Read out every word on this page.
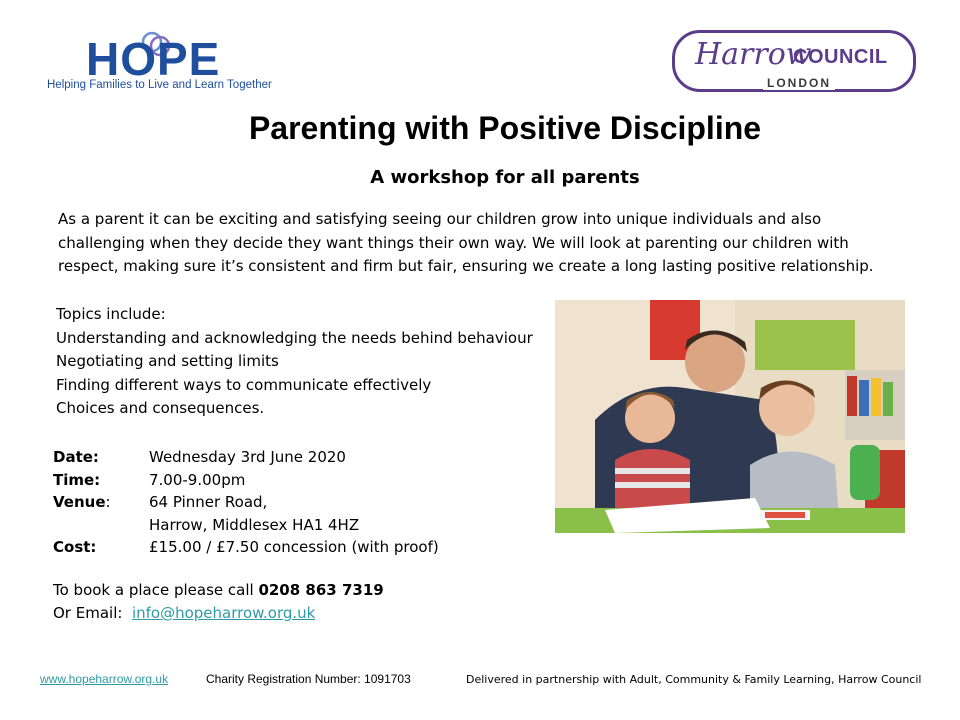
HOPE
Helping Families to Live and Learn Together
Harrow
COUNCIL
LONDON
Parenting with Positive Discipline
A workshop for all parents
As a parent it can be exciting and satisfying seeing our children grow into unique individuals and also challenging when they decide they want things their own way. We will look at parenting our children with respect, making sure it’s consistent and firm but fair, ensuring we create a long lasting positive relationship.
Topics include:
Understanding and acknowledging the needs behind behaviour
Negotiating and setting limits
Finding different ways to communicate effectively
Choices and consequences.
Date:	Wednesday 3rd June 2020
Time:	7.00-9.00pm
Venue:	64 Pinner Road,
Harrow, Middlesex HA1 4HZ
Cost:	£15.00 / £7.50 concession (with proof)
To book a place please call 0208 863 7319
Or Email:  info@hopeharrow.org.uk
www.hopeharrow.org.uk	Charity Registration Number: 1091703	Delivered in partnership with Adult, Community & Family Learning, Harrow Council
